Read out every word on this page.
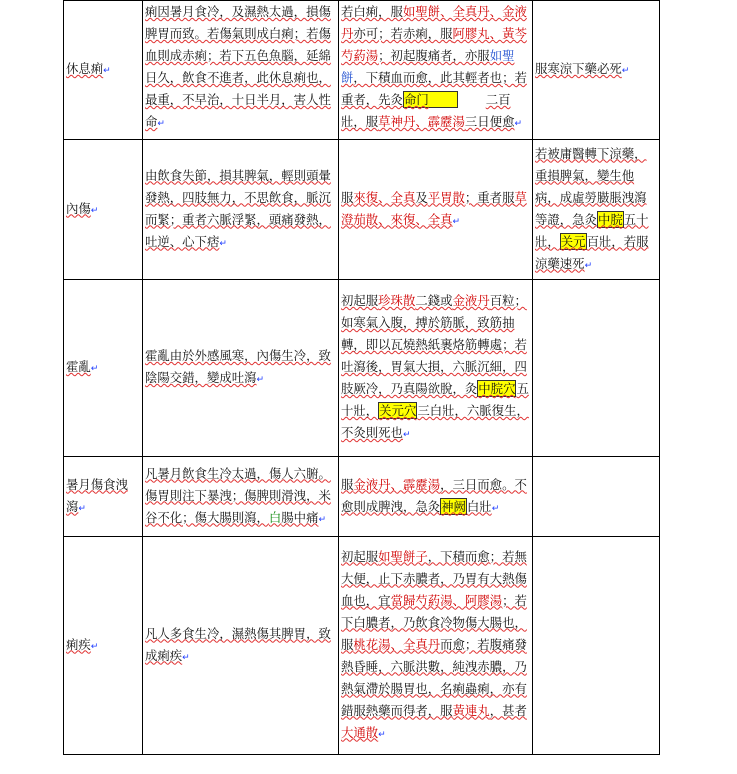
休息痢↵	痢因暑月食冷，及濕熱太過，損傷脾胃而致。若傷氣則成白痢；若傷血則成赤痢；若下五色魚腦，延綿日久，飲食不進者，此休息痢也，最重，不早治，十日半月，害人性命↵	若白痢，服如聖餅、全真丹、金液丹亦可；若赤痢，服阿膠丸、黃芩芍葯湯；初起腹痛者，亦服如聖餅，下積血而愈，此其輕者也；若重者，先灸命门 二百壯，服草神丹、霹靂湯三日便愈↵	服寒涼下藥必死↵
內傷↵	由飲食失節，損其脾氣，輕則頭暈發熱，四肢無力，不思飲食，脈沉而緊；重者六脈浮緊，頭痛發熱，吐逆、心下痞↵	服來復、全真及平胃散；重者服草澄茄散、來復、全真↵	若被庸醫轉下涼藥，重損脾氣，變生他病，成虛勞臌脹洩瀉等證，急灸中脘五十壯，关元百壯，若服涼藥速死↵
霍亂↵	霍亂由於外感風寒，內傷生冷，致陰陽交錯，變成吐瀉↵	初起服珍珠散二錢或金液丹百粒；如寒氣入腹，搏於筋脈，致筋抽轉，即以瓦燒熱紙裹烙筋轉處；若吐瀉後，胃氣大損，六脈沉細，四肢厥冷，乃真陽欲脫，灸中脘穴五十壯，关元穴三白壯，六脈復生，不灸則死也↵	
暑月傷食洩瀉↵	凡暑月飲食生冷太過，傷人六腑。傷胃則注下暴洩；傷脾則滑洩，米谷不化；傷大腸則瀉，白腸中痛↵	服金液丹、霹靂湯，三日而愈。不愈則成脾洩，急灸神阙白壯↵	
痢疾↵	凡人多食生冷，濕熱傷其脾胃，致成痢疾↵	初起服如聖餅子，下積而愈；若無大便，止下赤膿者，乃胃有大熱傷血也，宜當歸芍葯湯、阿膠湯；若下白膿者，乃飲食冷物傷大腸也，服桃花湯、全真丹而愈；若腹痛發熱昏睡，六脈洪數，純洩赤膿，乃熱氣滯於腸胃也，名痢蟲痢，亦有錯服熱藥而得者，服黃連丸，甚者大通散↵	
